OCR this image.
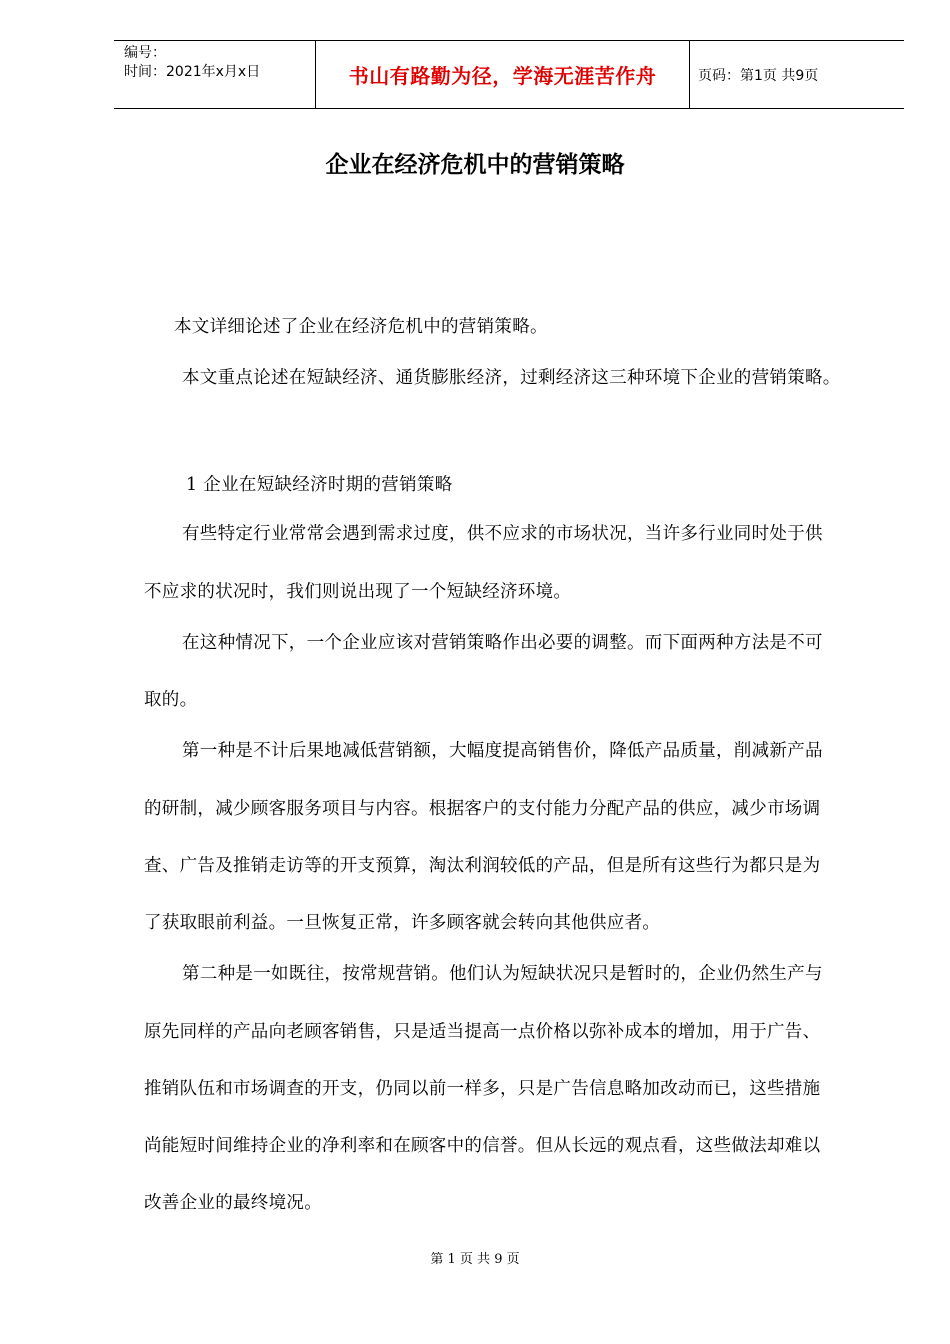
编号：
时间：2021年x月x日	书山有路勤为径，学海无涯苦作舟	页码：第1页 共9页
企业在经济危机中的营销策略

本文详细论述了企业在经济危机中的营销策略。

本文重点论述在短缺经济、通货膨胀经济，过剩经济这三种环境下企业的营销策略。

1 企业在短缺经济时期的营销策略

有些特定行业常常会遇到需求过度，供不应求的市场状况，当许多行业同时处于供

不应求的状况时，我们则说出现了一个短缺经济环境。

在这种情况下，一个企业应该对营销策略作出必要的调整。而下面两种方法是不可

取的。

第一种是不计后果地减低营销额，大幅度提高销售价，降低产品质量，削减新产品

的研制，减少顾客服务项目与内容。根据客户的支付能力分配产品的供应，减少市场调

查、广告及推销走访等的开支预算，淘汰利润较低的产品，但是所有这些行为都只是为

了获取眼前利益。一旦恢复正常，许多顾客就会转向其他供应者。

第二种是一如既往，按常规营销。他们认为短缺状况只是暂时的，企业仍然生产与

原先同样的产品向老顾客销售，只是适当提高一点价格以弥补成本的增加，用于广告、

推销队伍和市场调查的开支，仍同以前一样多，只是广告信息略加改动而已，这些措施

尚能短时间维持企业的净利率和在顾客中的信誉。但从长远的观点看，这些做法却难以

改善企业的最终境况。

第 1 页 共 9 页
